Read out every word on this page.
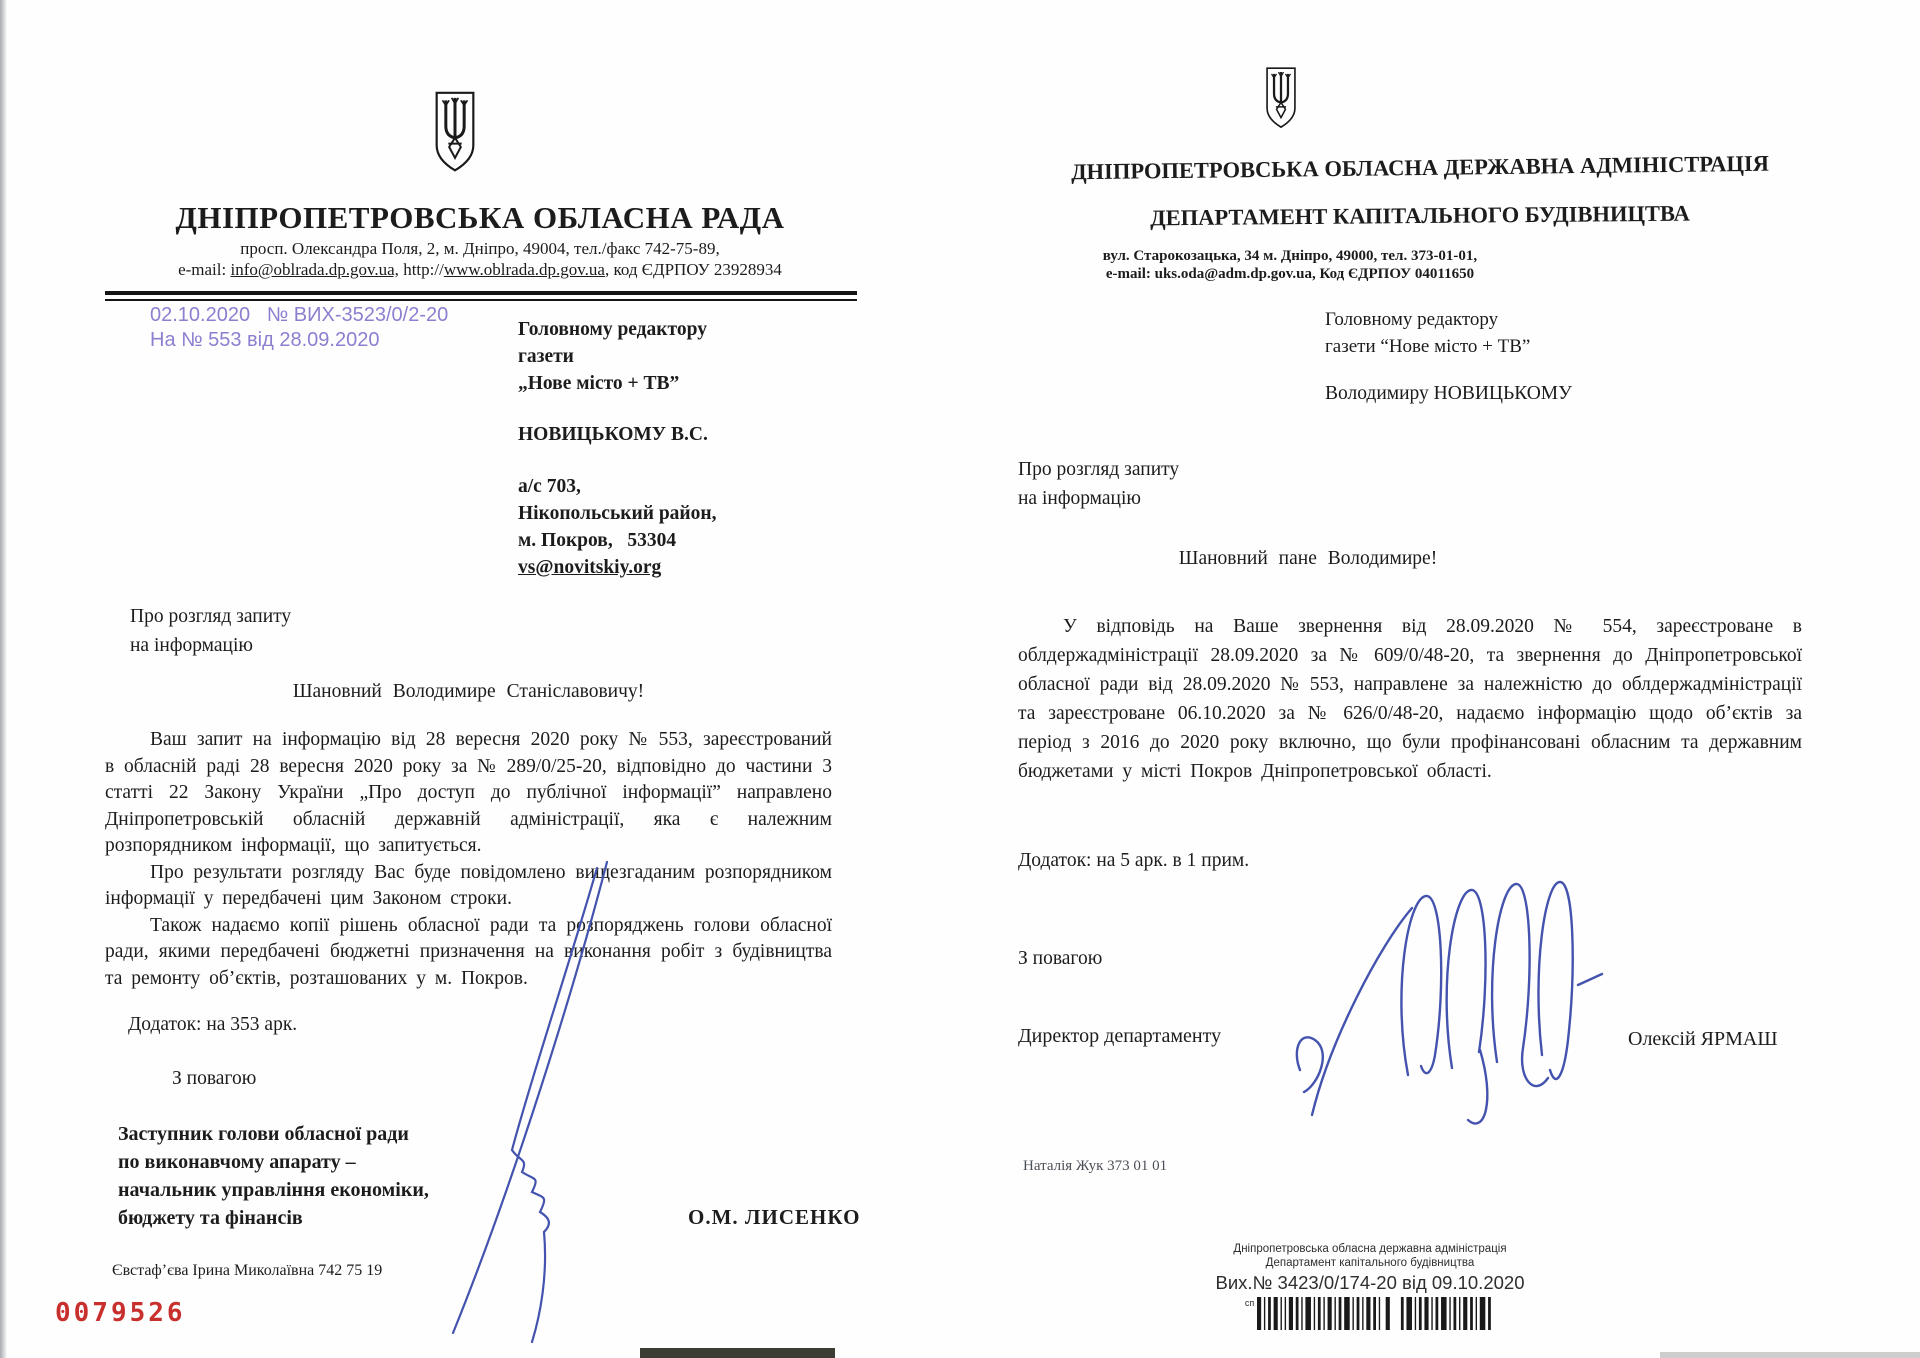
ДНІПРОПЕТРОВСЬКА ОБЛАСНА РАДА
просп. Олександра Поля, 2, м. Дніпро, 49004, тел./факс 742-75-89,
e-mail: info@oblrada.dp.gov.ua, http://www.oblrada.dp.gov.ua, код ЄДРПОУ 23928934
02.10.2020   № ВИХ-3523/0/2-20
На № 553 від 28.09.2020	Головному редактору
газети
„Нове місто + ТВ”
НОВИЦЬКОМУ В.С.
а/с 703,
Нікопольський район,
м. Покров,   53304
vs@novitskiy.org
Про розгляд запиту
на інформацію
Шановний Володимире Станіславовичу!

Ваш запит на інформацію від 28 вересня 2020 року № 553, зареєстрований в обласній раді 28 вересня 2020 року за № 289/0/25-20, відповідно до частини 3 статті 22 Закону України „Про доступ до публічної інформації” направлено Дніпропетровській обласній державній адміністрації, яка є належним розпорядником інформації, що запитується.

Про результати розгляду Вас буде повідомлено вищезгаданим розпорядником інформації у передбачені цим Законом строки.

Також надаємо копії рішень обласної ради та розпоряджень голови обласної ради, якими передбачені бюджетні призначення на виконання робіт з будівництва та ремонту об’єктів, розташованих у м. Покров.

Додаток: на 353 арк.
З повагою
Заступник голови обласної ради
по виконавчому апарату –
начальник управління економіки,
бюджету та фінансів	О.М. ЛИСЕНКО
Євстаф’єва Ірина Миколаївна 742 75 19
0079526
ДНІПРОПЕТРОВСЬКА ОБЛАСНА ДЕРЖАВНА АДМІНІСТРАЦІЯ
ДЕПАРТАМЕНТ КАПІТАЛЬНОГО БУДІВНИЦТВА
вул. Старокозацька, 34 м. Дніпро, 49000, тел. 373-01-01,
e-mail: uks.oda@adm.dp.gov.ua, Код ЄДРПОУ 04011650
Головному редактору
газети “Нове місто + ТВ”
Володимиру НОВИЦЬКОМУ
Про розгляд запиту
на інформацію
Шановний пане Володимире!

У відповідь на Ваше звернення від 28.09.2020 № 554, зареєстроване в облдержадміністрації 28.09.2020 за № 609/0/48-20, та звернення до Дніпропетровської обласної ради від 28.09.2020 № 553, направлене за належністю до облдержадміністрації та зареєстроване 06.10.2020 за № 626/0/48-20, надаємо інформацію щодо об’єктів за період з 2016 до 2020 року включно, що були профінансовані обласним та державним бюджетами у місті Покров Дніпропетровської області.

Додаток: на 5 арк. в 1 прим.
З повагою
Директор департаменту	Олексій ЯРМАШ
Наталія Жук 373 01 01
Дніпропетровська обласна державна адміністрація
Департамент капітального будівництва
Вих.№ 3423/0/174-20 від 09.10.2020
сп
